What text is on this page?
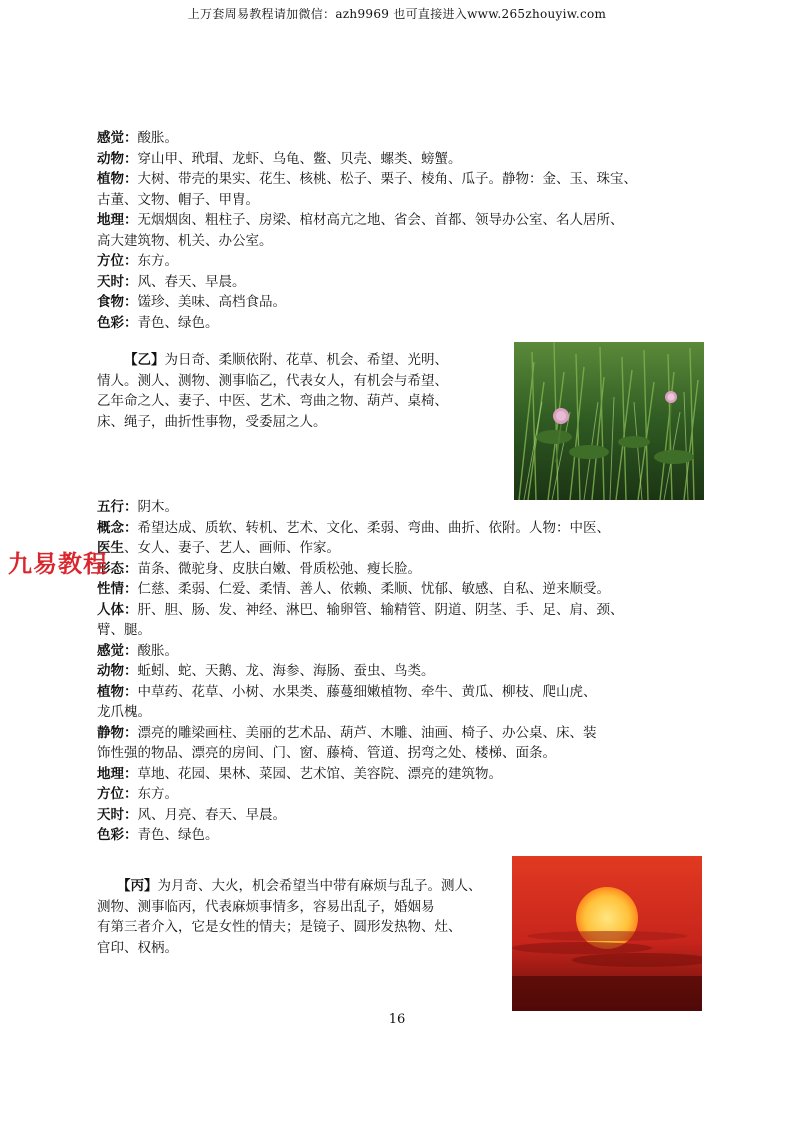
上万套周易教程请加微信：azh9969 也可直接进入www.265zhouyiw.com
感觉：酸胀。
动物：穿山甲、玳瑁、龙虾、乌龟、鳖、贝壳、螺类、螃蟹。
植物：大树、带壳的果实、花生、核桃、松子、栗子、棱角、瓜子。静物：金、玉、珠宝、
古董、文物、帽子、甲胄。
地理：无烟烟囱、粗柱子、房梁、棺材高亢之地、省会、首都、领导办公室、名人居所、
高大建筑物、机关、办公室。
方位：东方。
天时：风、春天、早晨。
食物：馐珍、美味、高档食品。
色彩：青色、绿色。
【乙】为日奇、柔顺依附、花草、机会、希望、光明、
情人。测人、测物、测事临乙，代表女人，有机会与希望、
乙年命之人、妻子、中医、艺术、弯曲之物、葫芦、桌椅、
床、绳子，曲折性事物，受委屈之人。
五行：阴木。
概念：希望达成、质软、转机、艺术、文化、柔弱、弯曲、曲折、依附。人物：中医、
医生、女人、妻子、艺人、画师、作家。
形态：苗条、微驼身、皮肤白嫩、骨质松弛、瘦长脸。
性情：仁慈、柔弱、仁爱、柔情、善人、依赖、柔顺、忧郁、敏感、自私、逆来顺受。
人体：肝、胆、肠、发、神经、淋巴、输卵管、输精管、阴道、阴茎、手、足、肩、颈、
臂、腿。
感觉：酸胀。
动物：蚯蚓、蛇、天鹅、龙、海参、海肠、蚕虫、鸟类。
植物：中草药、花草、小树、水果类、藤蔓细嫩植物、牵牛、黄瓜、柳枝、爬山虎、
龙爪槐。
静物：漂亮的雕梁画柱、美丽的艺术品、葫芦、木雕、油画、椅子、办公桌、床、装
饰性强的物品、漂亮的房间、门、窗、藤椅、管道、拐弯之处、楼梯、面条。
地理：草地、花园、果林、菜园、艺术馆、美容院、漂亮的建筑物。
方位：东方。
天时：风、月亮、春天、早晨。
色彩：青色、绿色。
九易教程
【丙】为月奇、大火，机会希望当中带有麻烦与乱子。测人、
测物、测事临丙，代表麻烦事情多，容易出乱子，婚姻易
有第三者介入，它是女性的情夫；是镜子、圆形发热物、灶、
官印、权柄。
16
